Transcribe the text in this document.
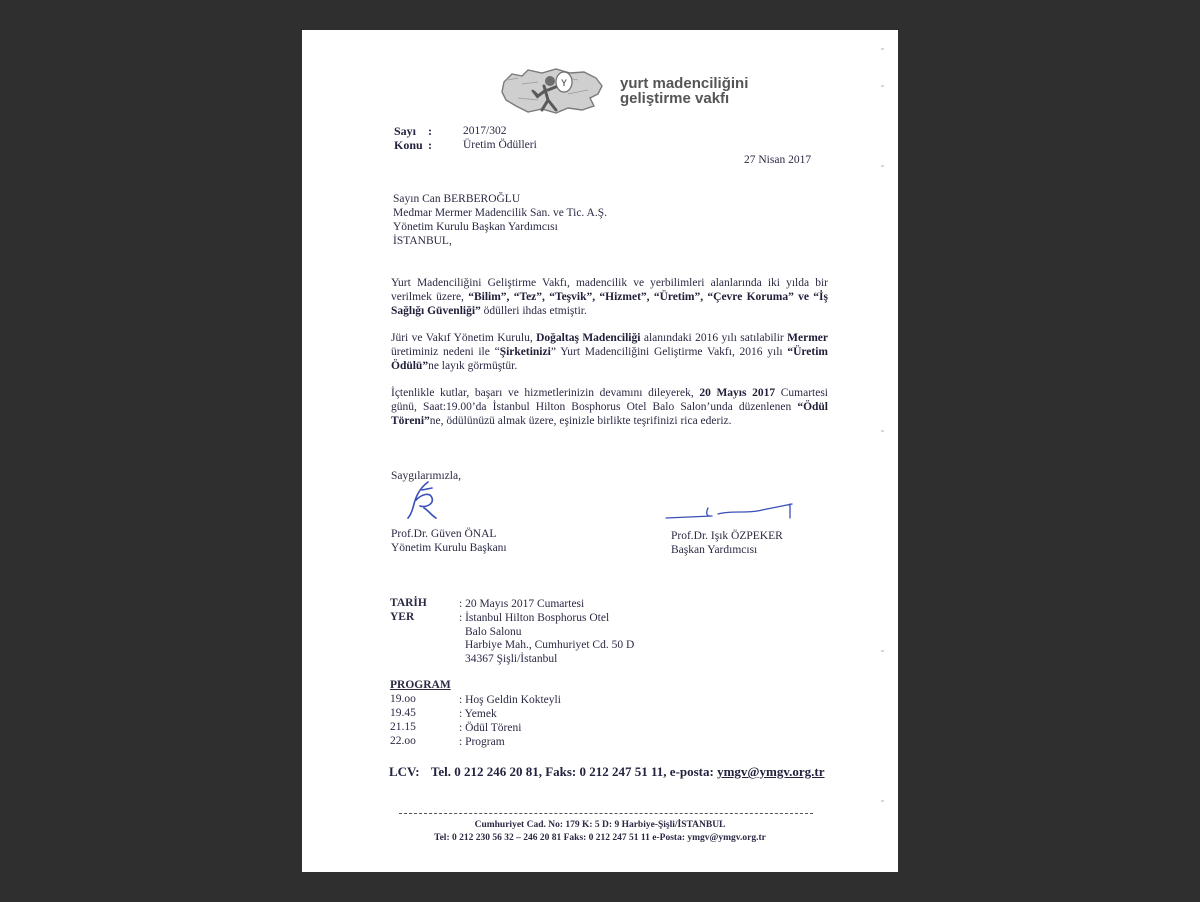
Y	yurt madenciliğini
geliştirme vakfı
Sayı :	2017/302
Konu :	Üretim Ödülleri
27 Nisan 2017
Sayın Can BERBEROĞLU
Medmar Mermer Madencilik San. ve Tic. A.Ş.
Yönetim Kurulu Başkan Yardımcısı
İSTANBUL,
Yurt Madenciliğini Geliştirme Vakfı, madencilik ve yerbilimleri alanlarında iki yılda bir verilmek üzere, “Bilim”, “Tez”, “Teşvik”, “Hizmet”, “Üretim”, “Çevre Koruma” ve “İş Sağlığı Güvenliği” ödülleri ihdas etmiştir.
Jüri ve Vakıf Yönetim Kurulu, Doğaltaş Madenciliği alanındaki 2016 yılı satılabilir Mermer üretiminiz nedeni ile “Şirketinizi” Yurt Madenciliğini Geliştirme Vakfı, 2016 yılı “Üretim Ödülü”ne layık görmüştür.
İçtenlikle kutlar, başarı ve hizmetlerinizin devamını dileyerek, 20 Mayıs 2017 Cumartesi günü, Saat:19.00’da İstanbul Hilton Bosphorus Otel Balo Salon’unda düzenlenen “Ödül Töreni”ne, ödülünüzü almak üzere, eşinizle birlikte teşrifinizi rica ederiz.
Saygılarımızla,
Prof.Dr. Güven ÖNAL
Yönetim Kurulu Başkanı
Prof.Dr. Işık ÖZPEKER
Başkan Yardımcısı
TARİH	: 20 Mayıs 2017 Cumartesi
YER	: İstanbul Hilton Bosphorus Otel
Balo Salonu
Harbiye Mah., Cumhuriyet Cd. 50 D
34367 Şişli/İstanbul
PROGRAM
19.oo	: Hoş Geldin Kokteyli
19.45	: Yemek
21.15	: Ödül Töreni
22.oo	: Program
LCV: Tel. 0 212 246 20 81, Faks: 0 212 247 51 11, e-posta: ymgv@ymgv.org.tr
Cumhuriyet Cad. No: 179 K: 5 D: 9 Harbiye-Şişli/İSTANBUL
Tel: 0 212 230 56 32 – 246 20 81 Faks: 0 212 247 51 11 e-Posta: ymgv@ymgv.org.tr
